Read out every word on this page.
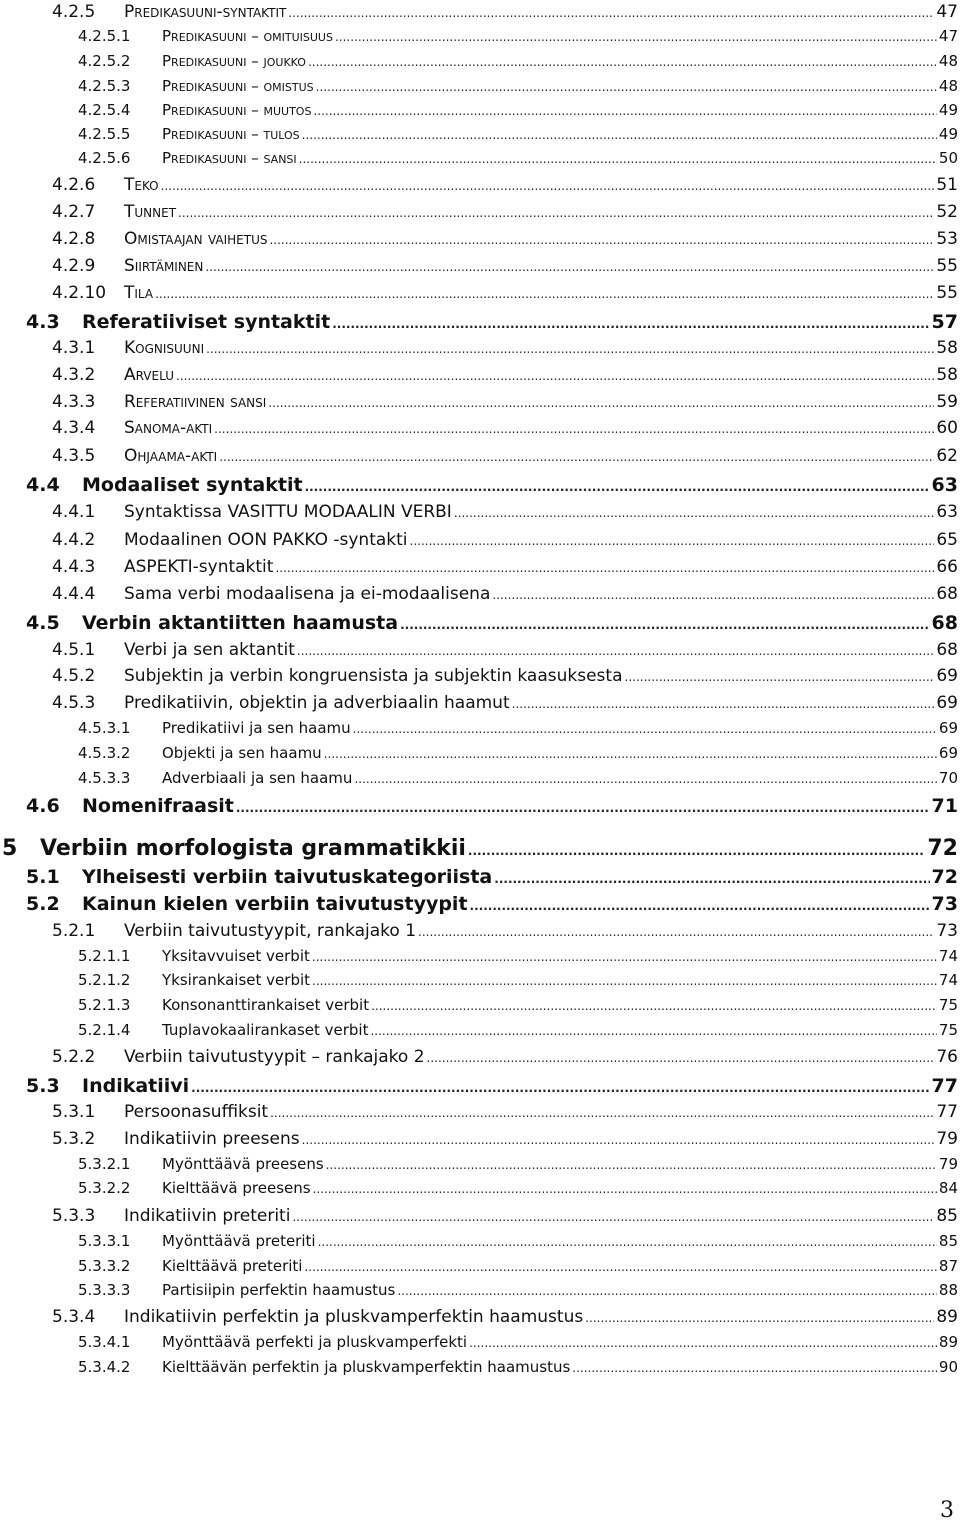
4.2.5	Predikasuuni-syntaktit .....	47
4.2.5.1	Predikasuuni – omituisuus .....	47
4.2.5.2	Predikasuuni – joukko .....	48
4.2.5.3	Predikasuuni – omistus .....	48
4.2.5.4	Predikasuuni – muutos .....	49
4.2.5.5	Predikasuuni – tulos .....	49
4.2.5.6	Predikasuuni – sansi .....	50
4.2.6	Teko .....	51
4.2.7	Tunnet .....	52
4.2.8	Omistaajan vaihetus .....	53
4.2.9	Siirtäminen .....	55
4.2.10	Tila .....	55
4.3	Referatiiviset syntaktit .....	57
4.3.1	Kognisuuni .....	58
4.3.2	Arvelu .....	58
4.3.3	Referatiivinen sansi .....	59
4.3.4	Sanoma-akti .....	60
4.3.5	Ohjaama-akti .....	62
4.4	Modaaliset syntaktit .....	63
4.4.1	Syntaktissa VASITTU MODAALIN VERBI .....	63
4.4.2	Modaalinen OON PAKKO -syntakti .....	65
4.4.3	ASPEKTI-syntaktit .....	66
4.4.4	Sama verbi modaalisena ja ei-modaalisena .....	68
4.5	Verbin aktantiitten haamusta .....	68
4.5.1	Verbi ja sen aktantit .....	68
4.5.2	Subjektin ja verbin kongruensista ja subjektin kaasuksesta .....	69
4.5.3	Predikatiivin, objektin ja adverbiaalin haamut .....	69
4.5.3.1	Predikatiivi ja sen haamu .....	69
4.5.3.2	Objekti ja sen haamu .....	69
4.5.3.3	Adverbiaali ja sen haamu .....	70
4.6	Nomenifraasit .....	71
5	Verbiin morfologista grammatikkii .....	72
5.1	Ylheisesti verbiin taivutuskategoriista .....	72
5.2	Kainun kielen verbiin taivutustyypit .....	73
5.2.1	Verbiin taivutustyypit, rankajako 1 .....	73
5.2.1.1	Yksitavvuiset verbit .....	74
5.2.1.2	Yksirankaiset verbit .....	74
5.2.1.3	Konsonanttirankaiset verbit .....	75
5.2.1.4	Tuplavokaalirankaset verbit .....	75
5.2.2	Verbiin taivutustyypit – rankajako 2 .....	76
5.3	Indikatiivi .....	77
5.3.1	Persoonasuffiksit .....	77
5.3.2	Indikatiivin preesens .....	79
5.3.2.1	Myönttäävä preesens .....	79
5.3.2.2	Kielttäävä preesens .....	84
5.3.3	Indikatiivin preteriti .....	85
5.3.3.1	Myönttäävä preteriti .....	85
5.3.3.2	Kielttäävä preteriti .....	87
5.3.3.3	Partisiipin perfektin haamustus .....	88
5.3.4	Indikatiivin perfektin ja pluskvamperfektin haamustus .....	89
5.3.4.1	Myönttäävä perfekti ja pluskvamperfekti .....	89
5.3.4.2	Kielttäävän perfektin ja pluskvamperfektin haamustus .....	90
3
